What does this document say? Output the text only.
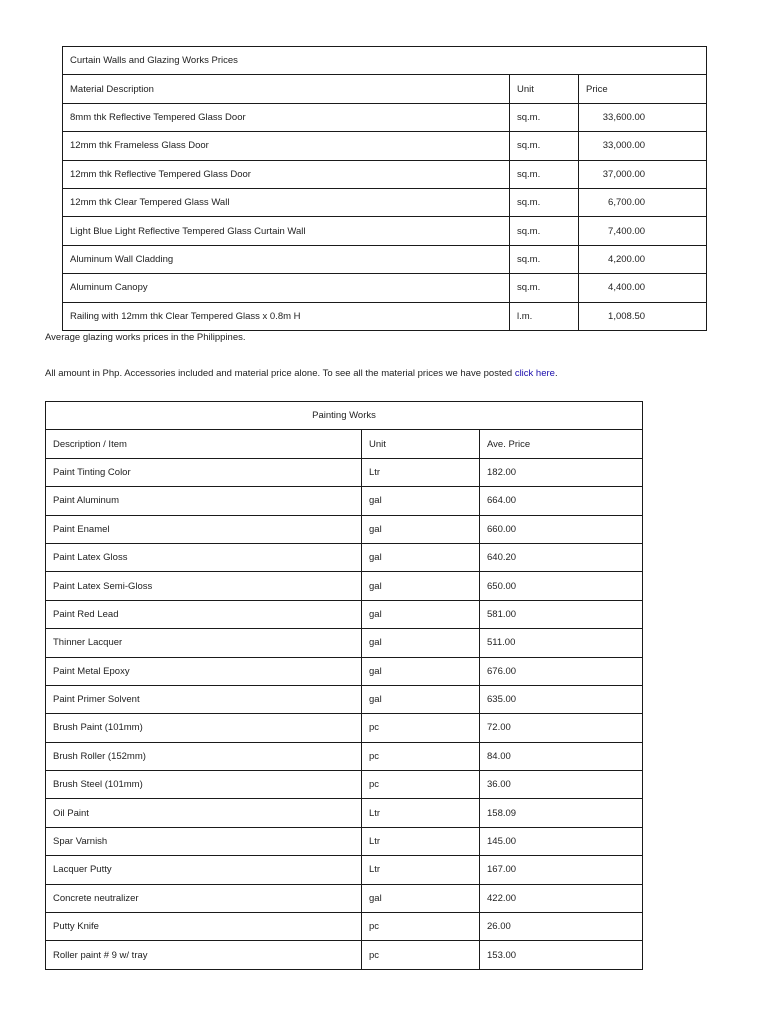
Curtain Walls and Glazing Works Prices		
Material Description	Unit	Price
8mm thk Reflective Tempered Glass Door	sq.m.	33,600.00
12mm thk Frameless Glass Door	sq.m.	33,000.00
12mm thk Reflective Tempered Glass Door	sq.m.	37,000.00
12mm thk Clear Tempered Glass Wall	sq.m.	6,700.00
Light Blue Light Reflective Tempered Glass Curtain Wall	sq.m.	7,400.00
Aluminum Wall Cladding	sq.m.	4,200.00
Aluminum Canopy	sq.m.	4,400.00
Railing with 12mm thk Clear Tempered Glass x 0.8m H	l.m.	1,008.50
Average glazing works prices in the Philippines.
All amount in Php. Accessories included and material price alone. To see all the material prices we have posted click here.
Painting Works		
Description / Item	Unit	Ave. Price
Paint Tinting Color	Ltr	182.00
Paint Aluminum	gal	664.00
Paint Enamel	gal	660.00
Paint Latex Gloss	gal	640.20
Paint Latex Semi-Gloss	gal	650.00
Paint Red Lead	gal	581.00
Thinner Lacquer	gal	511.00
Paint Metal Epoxy	gal	676.00
Paint Primer Solvent	gal	635.00
Brush Paint (101mm)	pc	72.00
Brush Roller (152mm)	pc	84.00
Brush Steel (101mm)	pc	36.00
Oil Paint	Ltr	158.09
Spar Varnish	Ltr	145.00
Lacquer Putty	Ltr	167.00
Concrete neutralizer	gal	422.00
Putty Knife	pc	26.00
Roller paint # 9 w/ tray	pc	153.00
